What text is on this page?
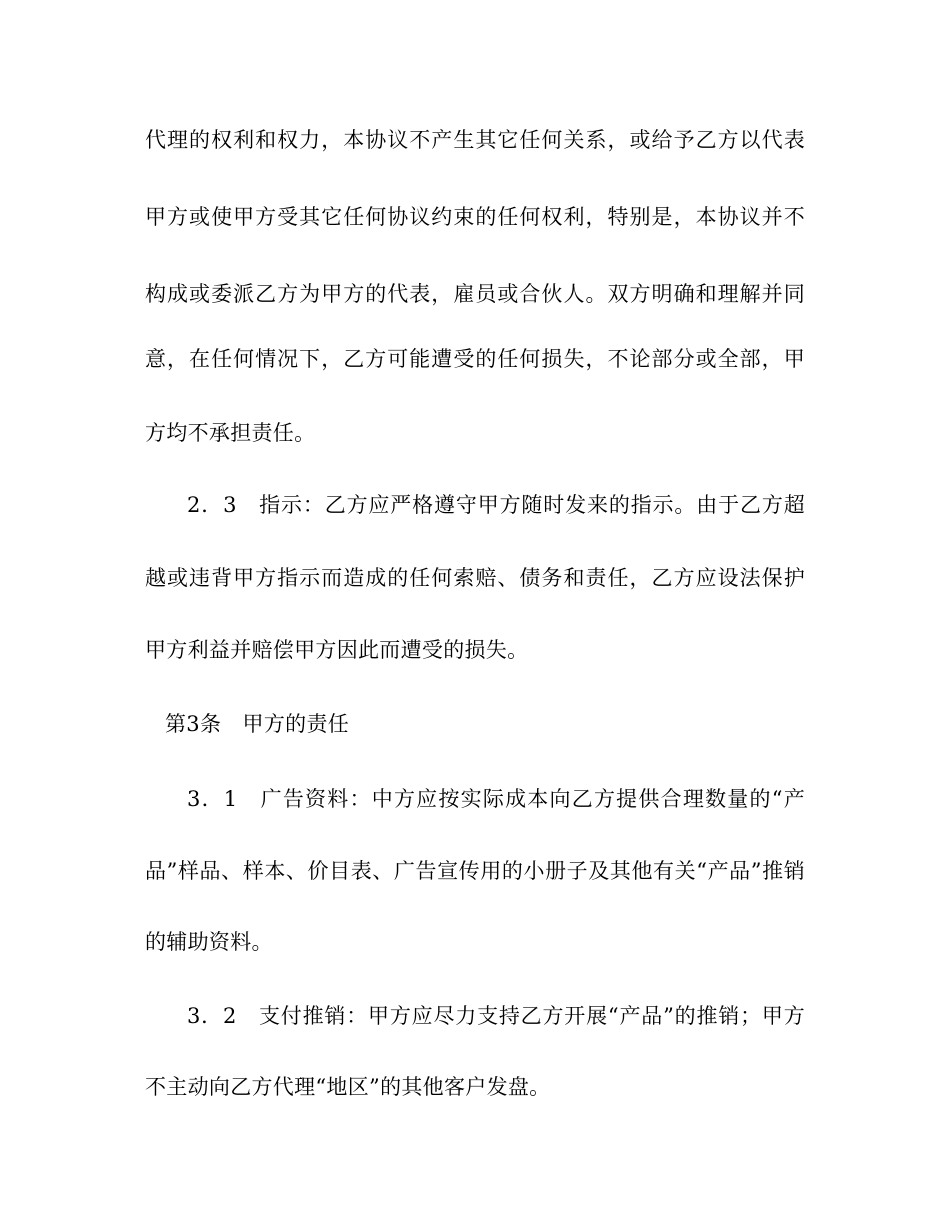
代理的权利和权力，本协议不产生其它任何关系，或给予乙方以代表
甲方或使甲方受其它任何协议约束的任何权利，特别是，本协议并不
构成或委派乙方为甲方的代表，雇员或合伙人。双方明确和理解并同
意，在任何情况下，乙方可能遭受的任何损失，不论部分或全部，甲
方均不承担责任。
2．3　指示：乙方应严格遵守甲方随时发来的指示。由于乙方超
越或违背甲方指示而造成的任何索赔、债务和责任，乙方应设法保护
甲方利益并赔偿甲方因此而遭受的损失。
第3条　甲方的责任
3．1　广告资料：中方应按实际成本向乙方提供合理数量的“产
品”样品、样本、价目表、广告宣传用的小册子及其他有关“产品”推销
的辅助资料。
3．2　支付推销：甲方应尽力支持乙方开展“产品”的推销；甲方
不主动向乙方代理“地区”的其他客户发盘。
